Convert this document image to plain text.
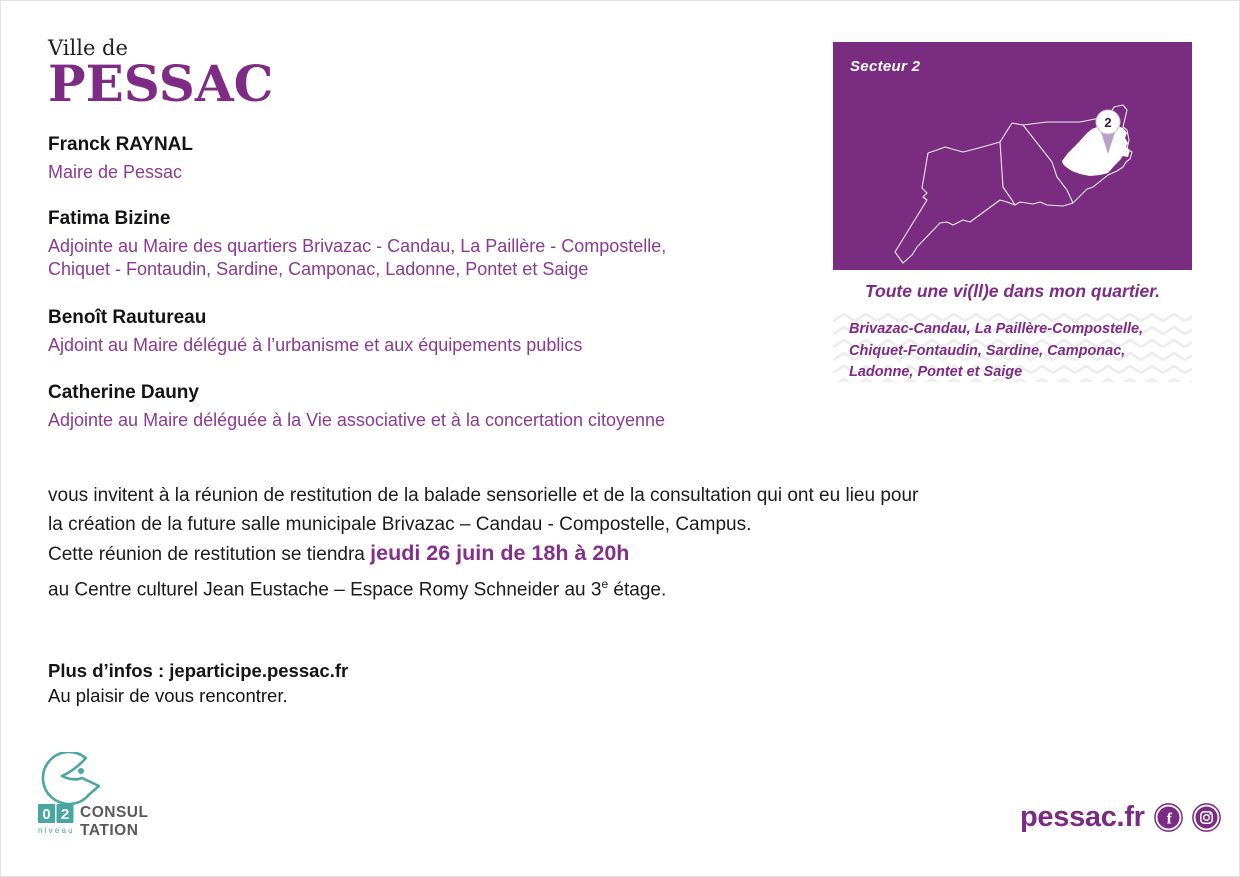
Ville de
PESSAC
Franck RAYNAL
Maire de Pessac
Fatima Bizine
Adjointe au Maire des quartiers Brivazac - Candau, La Paillère - Compostelle,
Chiquet - Fontaudin, Sardine, Camponac, Ladonne, Pontet et Saige
Benoît Rautureau
Ajdoint au Maire délégué à l’urbanisme et aux équipements publics
Catherine Dauny
Adjointe au Maire déléguée à la Vie associative et à la concertation citoyenne
2
Secteur 2
Toute une vi(ll)e dans mon quartier.
Brivazac-Candau, La Paillère-Compostelle,
Chiquet-Fontaudin, Sardine, Camponac,
Ladonne, Pontet et Saige

vous invitent à la réunion de restitution de la balade sensorielle et de la consultation qui ont eu lieu pour

la création de la future salle municipale Brivazac – Candau - Compostelle, Campus.

Cette réunion de restitution se tiendra jeudi 26 juin de 18h à 20h

au Centre culturel Jean Eustache – Espace Romy Schneider au 3e étage.

Plus d’infos : jeparticipe.pessac.fr
Au plaisir de vous rencontrer.
0 2
niveau
CONSUL
TATION	pessac.fr f
